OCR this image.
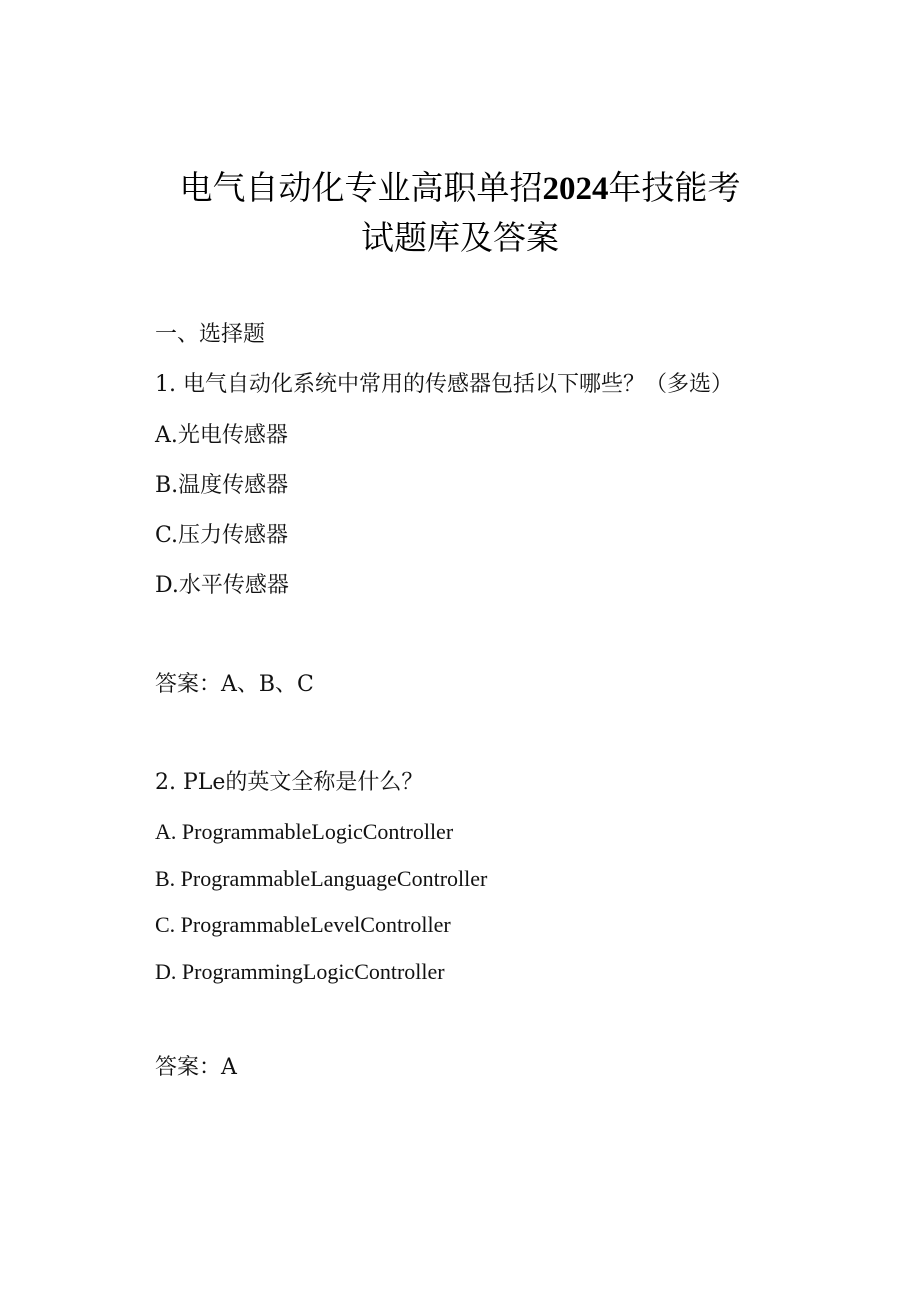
电气自动化专业高职单招2024年技能考
试题库及答案
一、选择题
1. 电气自动化系统中常用的传感器包括以下哪些？（多选）
A.光电传感器
B.温度传感器
C.压力传感器
D.水平传感器
答案：A、B、C
2. PLe的英文全称是什么？
A. ProgrammableLogicController
B. ProgrammableLanguageController
C. ProgrammableLevelController
D. ProgrammingLogicController
答案：A
